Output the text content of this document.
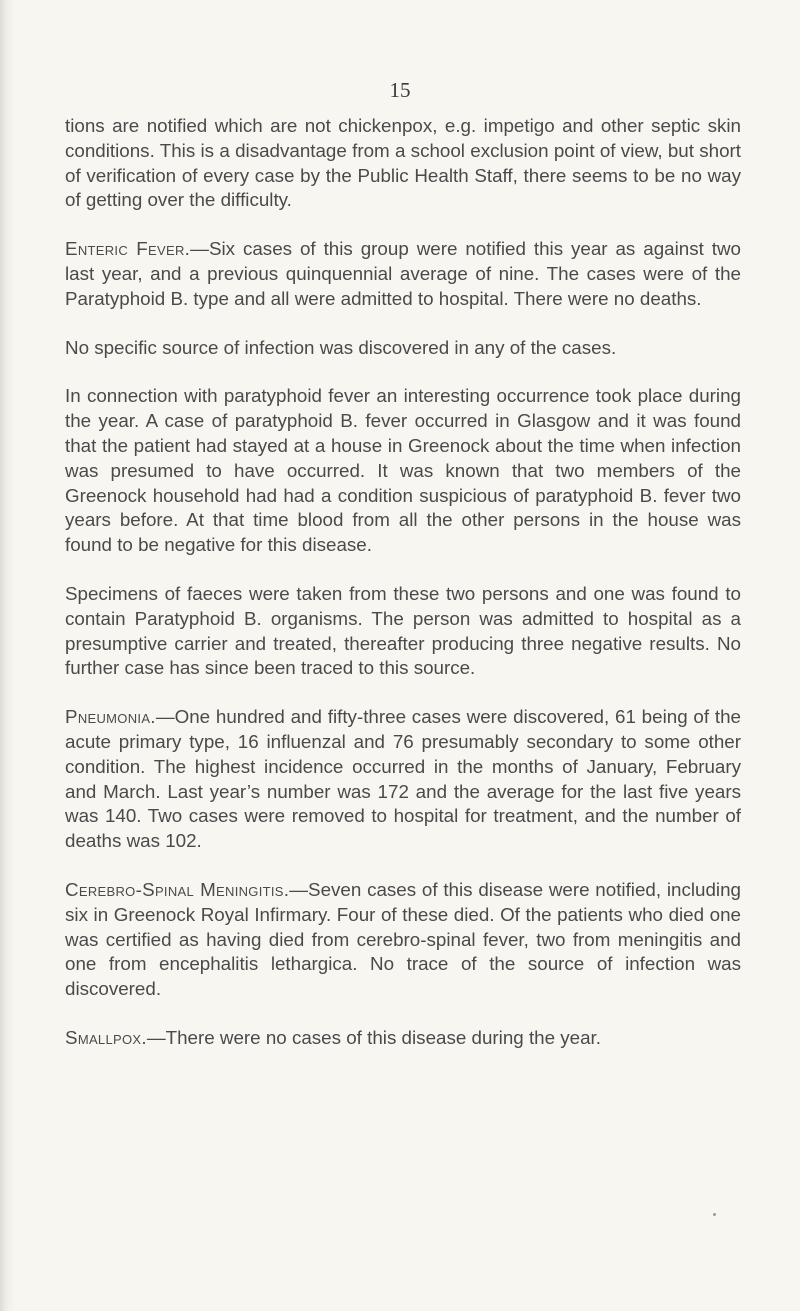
15

tions are notified which are not chickenpox, e.g. impetigo and other septic skin conditions. This is a disadvantage from a school exclusion point of view, but short of verification of every case by the Public Health Staff, there seems to be no way of getting over the difficulty.

Enteric Fever.—Six cases of this group were notified this year as against two last year, and a previous quinquennial average of nine. The cases were of the Paratyphoid B. type and all were admitted to hospital. There were no deaths.

No specific source of infection was discovered in any of the cases.

In connection with paratyphoid fever an interesting occurrence took place during the year. A case of paratyphoid B. fever occurred in Glasgow and it was found that the patient had stayed at a house in Greenock about the time when infection was presumed to have occurred. It was known that two members of the Greenock household had had a condition suspicious of paratyphoid B. fever two years before. At that time blood from all the other persons in the house was found to be negative for this disease.

Specimens of faeces were taken from these two persons and one was found to contain Paratyphoid B. organisms. The person was admitted to hospital as a presumptive carrier and treated, thereafter producing three negative results. No further case has since been traced to this source.

Pneumonia.—One hundred and fifty-three cases were discovered, 61 being of the acute primary type, 16 influenzal and 76 presumably secondary to some other condition. The highest incidence occurred in the months of January, February and March. Last year’s number was 172 and the average for the last five years was 140. Two cases were removed to hospital for treatment, and the number of deaths was 102.

Cerebro-Spinal Meningitis.—Seven cases of this disease were notified, including six in Greenock Royal Infirmary. Four of these died. Of the patients who died one was certified as having died from cerebro-spinal fever, two from meningitis and one from encephalitis lethargica. No trace of the source of infection was discovered.

Smallpox.—There were no cases of this disease during the year.
